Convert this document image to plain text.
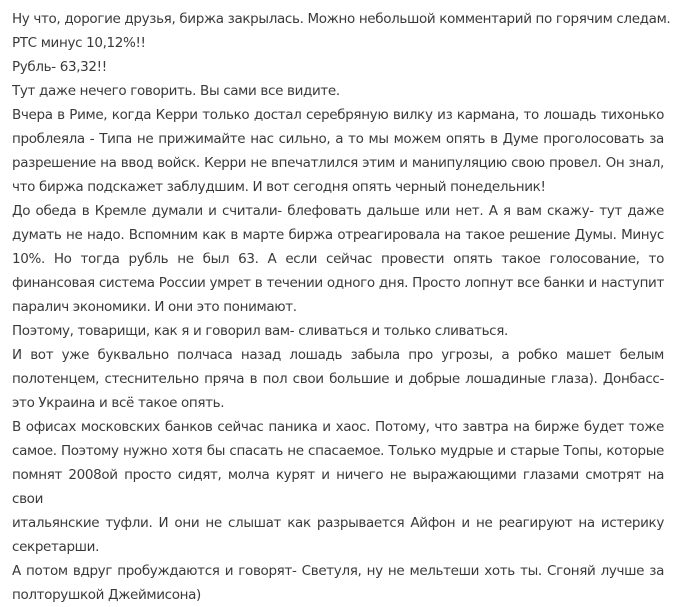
Ну что, дорогие друзья, биржа закрылась. Можно небольшой комментарий по горячим следам.
РТС минус 10,12%!!

Рубль- 63,32!!

Тут даже нечего говорить. Вы сами все видите.

Вчера в Риме, когда Керри только достал серебряную вилку из кармана, то лошадь тихонько
проблеяла - Типа не прижимайте нас сильно, а то мы можем опять в Думе проголосовать за
разрешение на ввод войск. Керри не впечатлился этим и манипуляцию свою провел. Он знал,
что биржа подскажет заблудшим. И вот сегодня опять черный понедельник!

До обеда в Кремле думали и считали- блефовать дальше или нет. А я вам скажу- тут даже
думать не надо. Вспомним как в марте биржа отреагировала на такое решение Думы. Минус
10%. Но тогда рубль не был 63. А если сейчас провести опять такое голосование, то
финансовая система России умрет в течении одного дня. Просто лопнут все банки и наступит
паралич экономики. И они это понимают.

Поэтому, товарищи, как я и говорил вам- сливаться и только сливаться.

И вот уже буквально полчаса назад лошадь забыла про угрозы, а робко машет белым
полотенцем, стеснительно пряча в пол свои большие и добрые лошадиные глаза). Донбасс-
это Украина и всё такое опять.

В офисах московских банков сейчас паника и хаос. Потому, что завтра на бирже будет тоже
самое. Поэтому нужно хотя бы спасать не спасаемое. Только мудрые и старые Топы, которые
помнят 2008ой просто сидят, молча курят и ничего не выражающими глазами смотрят на свои
итальянские туфли. И они не слышат как разрывается Айфон и не реагируют на истерику
секретарши.

А потом вдруг пробуждаются и говорят- Светуля, ну не мельтеши хоть ты. Сгоняй лучше за
полторушкой Джеймисона)
